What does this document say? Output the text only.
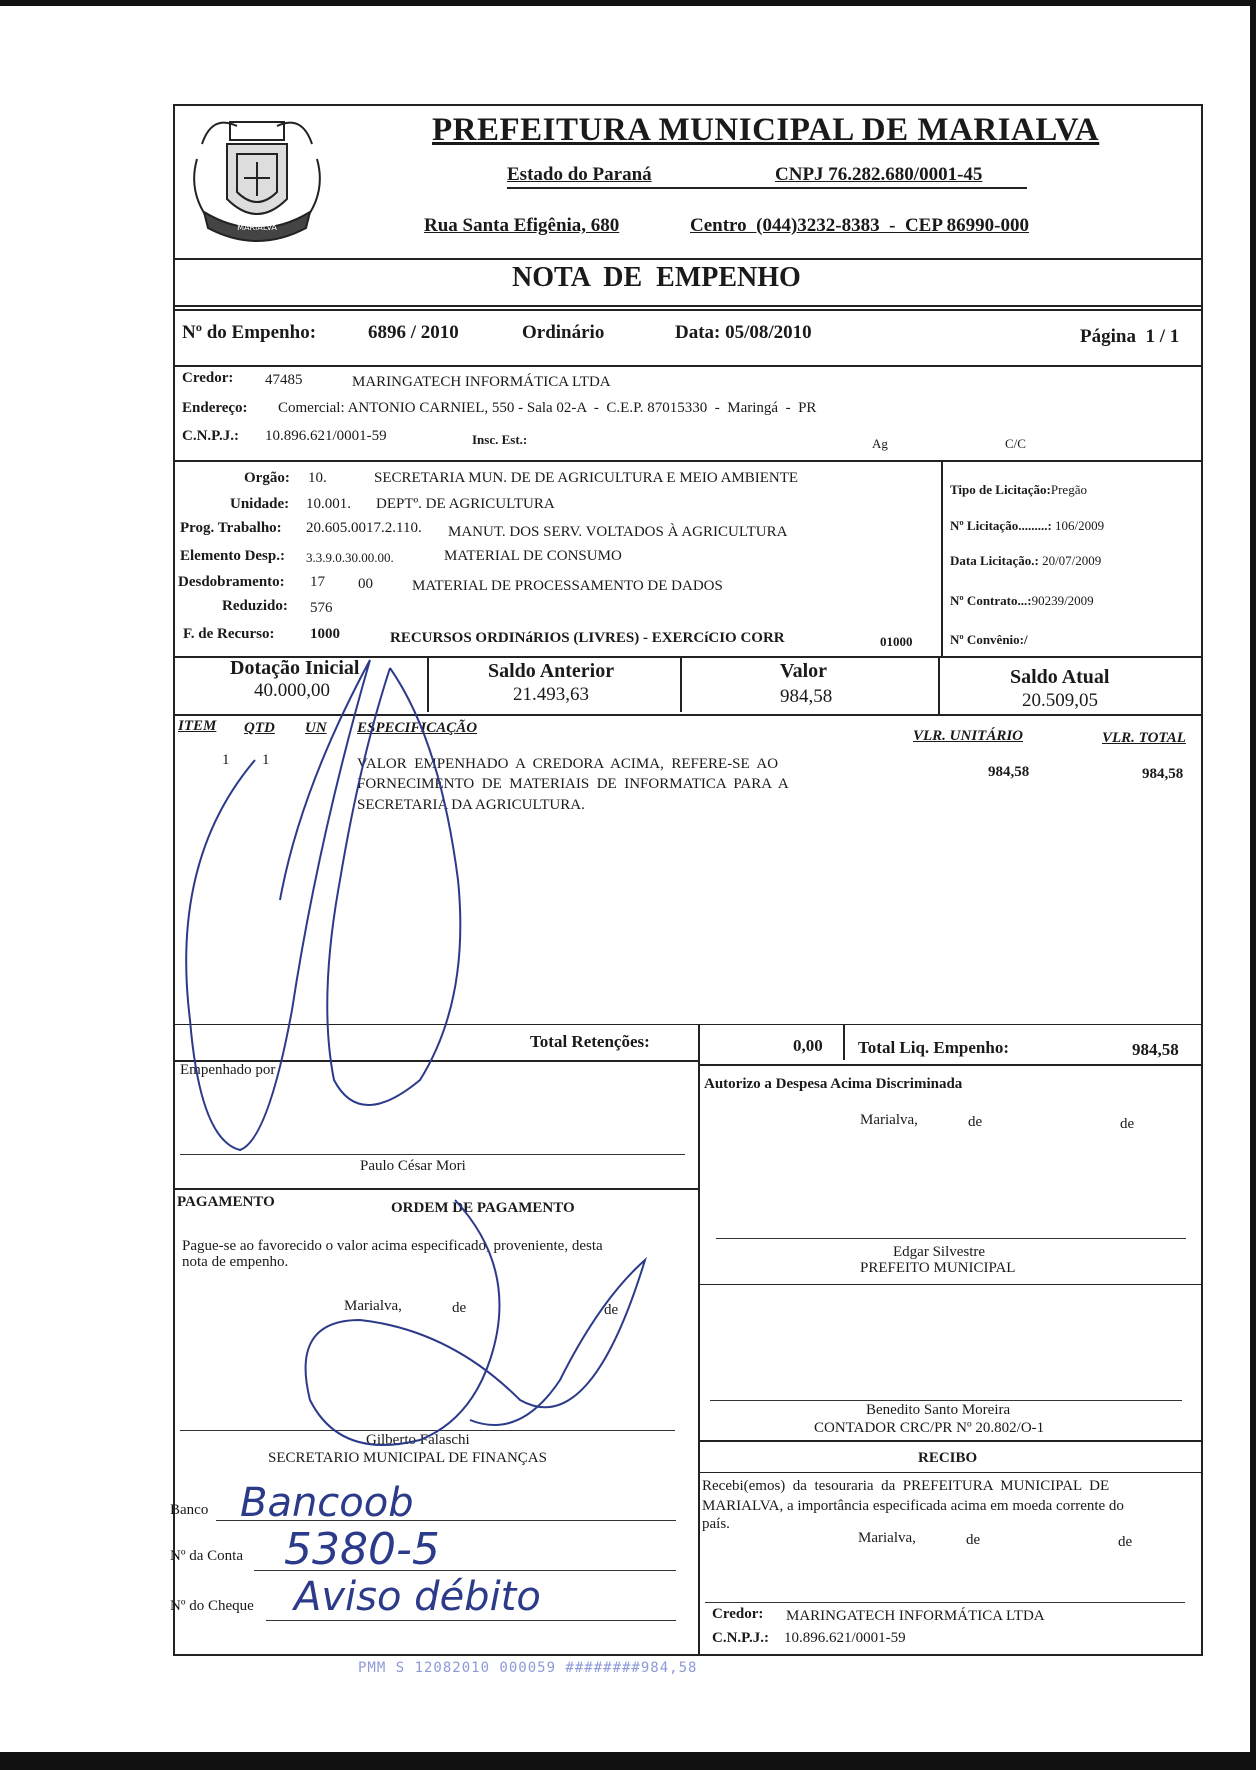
MARIALVA
PREFEITURA MUNICIPAL DE MARIALVA
Estado do Paraná	CNPJ 76.282.680/0001-45
Rua Santa Efigênia, 680	Centro  (044)3232-8383  -  CEP 86990-000
NOTA  DE  EMPENHO
Nº do Empenho:	6896 / 2010	Ordinário	Data: 05/08/2010	Página  1 / 1
Credor: 47485	MARINGATECH INFORMÁTICA LTDA
Endereço: Comercial: ANTONIO CARNIEL, 550 - Sala 02-A  -  C.E.P. 87015330  -  Maringá  -  PR
C.N.P.J.: 10.896.621/0001-59	Insc. Est.:	Ag	C/C
Orgão: 10.	SECRETARIA MUN. DE DE AGRICULTURA E MEIO AMBIENTE
Unidade: 10.001. DEPTº. DE AGRICULTURA
Prog. Trabalho: 20.605.0017.2.110. MANUT. DOS SERV. VOLTADOS À AGRICULTURA
Elemento Desp.: 3.3.9.0.30.00.00.	MATERIAL DE CONSUMO
Desdobramento: 17 00	MATERIAL DE PROCESSAMENTO DE DADOS
Reduzido: 576
F. de Recurso: 1000	RECURSOS ORDINáRIOS (LIVRES) - EXERCíCIO CORR	01000
Tipo de Licitação:Pregão
Nº Licitação.........: 106/2009
Data Licitação.: 20/07/2009
Nº Contrato...:90239/2009
Nº Convênio:/
Dotação Inicial
40.000,00
Saldo Anterior
21.493,63
Valor
984,58
Saldo Atual
20.509,05
ITEM QTD UN ESPECIFICAÇÃO	VLR. UNITÁRIO	VLR. TOTAL
1 1	VALOR  EMPENHADO  A  CREDORA  ACIMA,  REFERE-SE  AO
FORNECIMENTO  DE  MATERIAIS  DE  INFORMATICA  PARA  A
SECRETARIA DA AGRICULTURA.
984,58	984,58
Total Retenções:	0,00 Total Liq. Empenho:	984,58
Empenhado por
Paulo César Mori
Autorizo a Despesa Acima Discriminada
Marialva,	de	de
Edgar Silvestre
PREFEITO MUNICIPAL
Benedito Santo Moreira
CONTADOR CRC/PR Nº 20.802/O-1
PAGAMENTO	ORDEM DE PAGAMENTO
Pague-se ao favorecido o valor acima especificado, proveniente, desta
nota de empenho.
Marialva,	de	de
Gilberto Falaschi
SECRETARIO MUNICIPAL DE FINANÇAS
Banco Bancoob
Nº da Conta 5380-5
Nº do Cheque Aviso débito
RECIBO
Recebi(emos)  da  tesouraria  da  PREFEITURA  MUNICIPAL  DE
MARIALVA, a importância especificada acima em moeda corrente do
país.
Marialva,	de	de
Credor: MARINGATECH INFORMÁTICA LTDA
C.N.P.J.: 10.896.621/0001-59
PMM S 12082010 000059 ########984,58
